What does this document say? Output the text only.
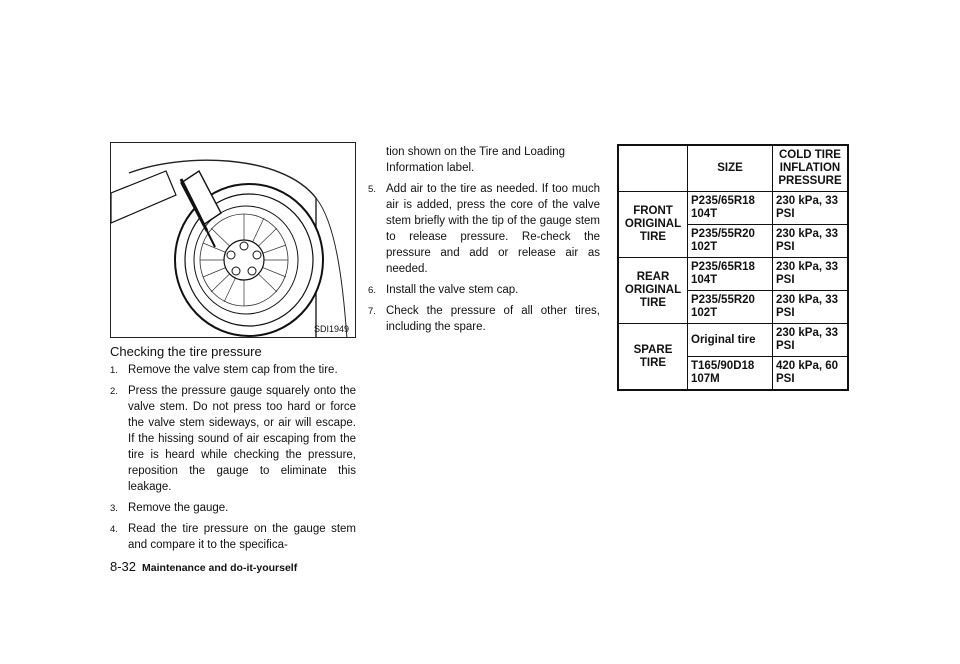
SDI1949
Checking the tire pressure
1. Remove the valve stem cap from the tire.
2. Press the pressure gauge squarely onto the valve stem. Do not press too hard or force the valve stem sideways, or air will escape. If the hissing sound of air escaping from the tire is heard while checking the pressure, reposition the gauge to eliminate this leakage.
3. Remove the gauge.
4. Read the tire pressure on the gauge stem and compare it to the specifica-
tion shown on the Tire and Loading Information label.
5. Add air to the tire as needed. If too much air is added, press the core of the valve stem briefly with the tip of the gauge stem to release pressure. Re-check the pressure and add or release air as needed.
6. Install the valve stem cap.
7. Check the pressure of all other tires, including the spare.
	SIZE	COLD TIRE INFLATION PRESSURE
FRONT ORIGINAL TIRE	P235/65R18 104T	230 kPa, 33 PSI
	P235/55R20 102T	230 kPa, 33 PSI
REAR ORIGINAL TIRE	P235/65R18 104T	230 kPa, 33 PSI
	P235/55R20 102T	230 kPa, 33 PSI
SPARE TIRE	Original tire	230 kPa, 33 PSI
	T165/90D18 107M	420 kPa, 60 PSI
8-32 Maintenance and do-it-yourself
